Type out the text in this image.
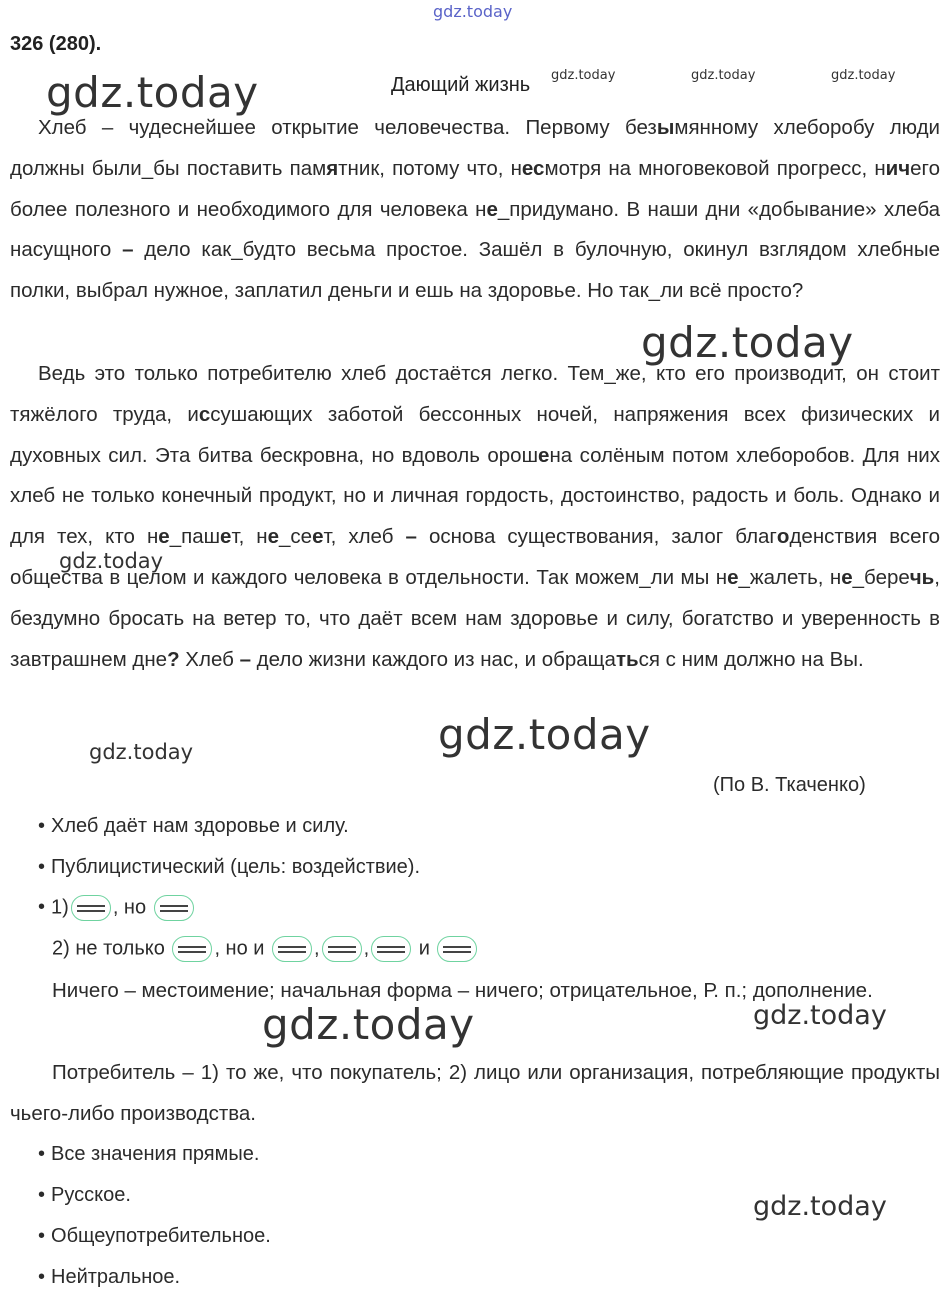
gdz.today
gdz.today	gdz.today	gdz.today	gdz.today
326 (280).
Дающий жизнь

Хлеб – чудеснейшее открытие человечества. Первому безымянному хлеборобу люди должны были_бы поставить памятник, потому что, несмотря на многовековой прогресс, ничего более полезного и необходимого для человека не_придумано. В наши дни «добывание» хлеба насущного – дело как_будто весьма простое. Зашёл в булочную, окинул взглядом хлебные полки, выбрал нужное, заплатил деньги и ешь на здоровье. Но так_ли всё просто?

gdz.today

Ведь это только потребителю хлеб достаётся легко. Тем_же, кто его производит, он стоит тяжёлого труда, иссушающих заботой бессонных ночей, напряжения всех физических и духовных сил. Эта битва бескровна, но вдоволь орошена солёным потом хлеборобов. Для них хлеб не только конечный продукт, но и личная гордость, достоинство, радость и боль. Однако и для тех, кто не_пашет, не_сеет, хлеб – основа существования, залог благоденствия всего общества в целом и каждого человека в отдельности. Так можем_ли мы не_жалеть, не_беречь, бездумно бросать на ветер то, что даёт всем нам здоровье и силу, богатство и уверенность в завтрашнем дне? Хлеб – дело жизни каждого из нас, и обращаться с ним должно на Вы.

gdz.today
gdz.today	gdz.today
(По В. Ткаченко)
• Хлеб даёт нам здоровье и силу.
• Публицистический (цель: воздействие).
• 1) , но
2) не только , но и , , и

Ничего – местоимение; начальная форма – ничего; отрицательное, Р. п.; дополнение.

gdz.today	gdz.today

Потребитель – 1) то же, что покупатель; 2) лицо или организация, потребляющие продукты чьего-либо производства.

• Все значения прямые.
• Русское.	gdz.today
• Общеупотребительное.
• Нейтральное.
